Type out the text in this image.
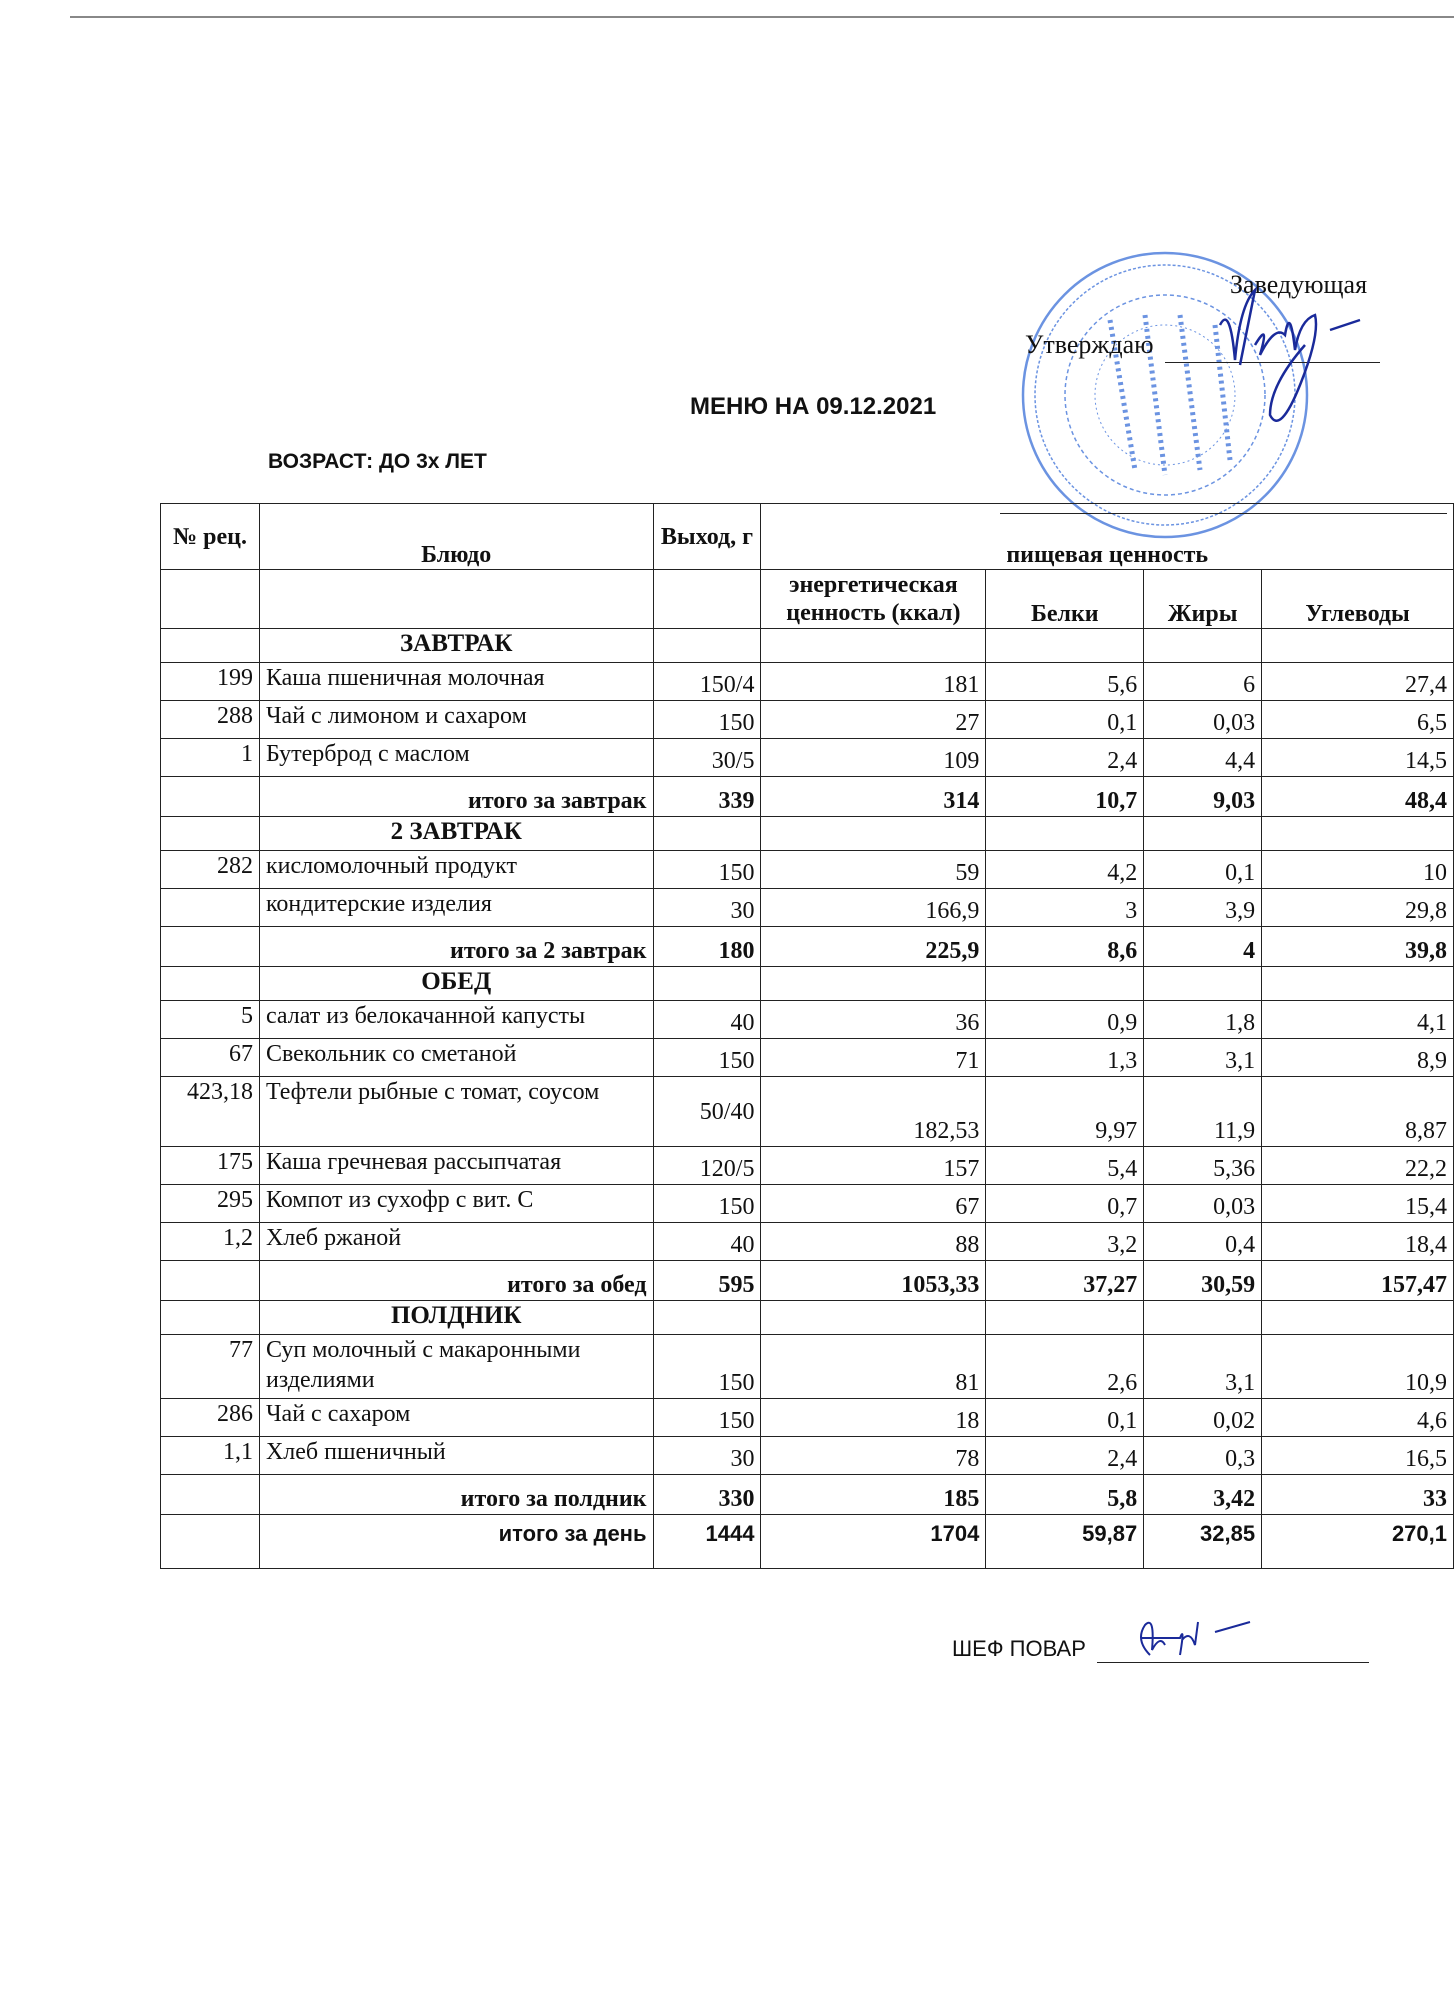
Заведующая
Утверждаю
МЕНЮ НА 09.12.2021
ВОЗРАСТ: ДО 3х ЛЕТ
№ рец.	Блюдо	Выход, г	пищевая ценность			
			энергетическая ценность (ккал)	Белки	Жиры	Углеводы
	ЗАВТРАК					
199	Каша пшеничная молочная	150/4	181	5,6	6	27,4
288	Чай с лимоном и сахаром	150	27	0,1	0,03	6,5
1	Бутерброд с маслом	30/5	109	2,4	4,4	14,5
	итого за завтрак	339	314	10,7	9,03	48,4
	2 ЗАВТРАК					
282	кисломолочный продукт	150	59	4,2	0,1	10
	кондитерские изделия	30	166,9	3	3,9	29,8
	итого за 2 завтрак	180	225,9	8,6	4	39,8
	ОБЕД					
5	салат из белокачанной капусты	40	36	0,9	1,8	4,1
67	Свекольник со сметаной	150	71	1,3	3,1	8,9
423,18	Тефтели рыбные с томат, соусом	50/40	182,53	9,97	11,9	8,87
175	Каша гречневая рассыпчатая	120/5	157	5,4	5,36	22,2
295	Компот из сухофр с вит. С	150	67	0,7	0,03	15,4
1,2	Хлеб ржаной	40	88	3,2	0,4	18,4
	итого за обед	595	1053,33	37,27	30,59	157,47
	ПОЛДНИК					
77	Суп молочный с макаронными изделиями	150	81	2,6	3,1	10,9
286	Чай с сахаром	150	18	0,1	0,02	4,6
1,1	Хлеб пшеничный	30	78	2,4	0,3	16,5
	итого за полдник	330	185	5,8	3,42	33
	итого за день	1444	1704	59,87	32,85	270,1
ШЕФ ПОВАР
